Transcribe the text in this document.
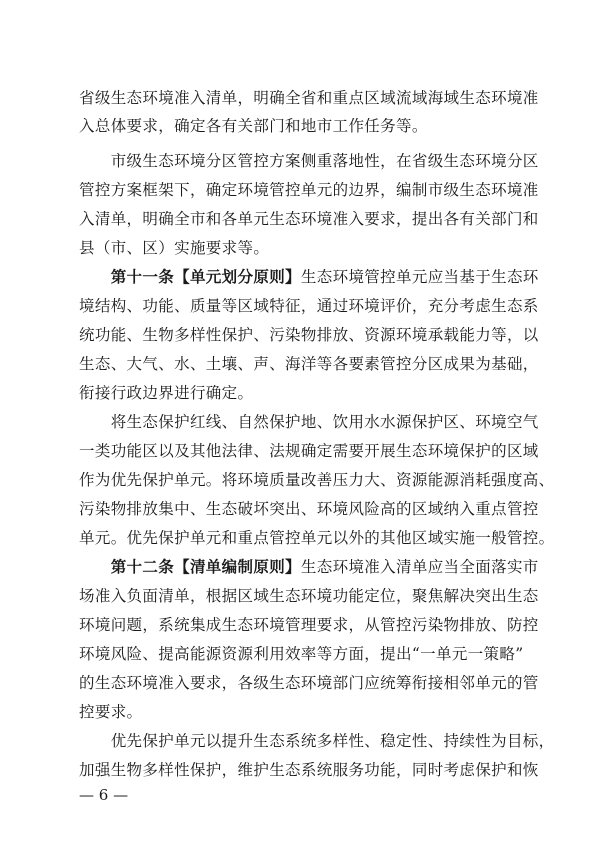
省级生态环境准入清单，明确全省和重点区域流域海域生态环境准
入总体要求，确定各有关部门和地市工作任务等。
　　市级生态环境分区管控方案侧重落地性，在省级生态环境分区
管控方案框架下，确定环境管控单元的边界，编制市级生态环境准
入清单，明确全市和各单元生态环境准入要求，提出各有关部门和
县（市、区）实施要求等。
　　第十一条【单元划分原则】生态环境管控单元应当基于生态环
境结构、功能、质量等区域特征，通过环境评价，充分考虑生态系
统功能、生物多样性保护、污染物排放、资源环境承载能力等，以
生态、大气、水、土壤、声、海洋等各要素管控分区成果为基础，
衔接行政边界进行确定。
　　将生态保护红线、自然保护地、饮用水水源保护区、环境空气
一类功能区以及其他法律、法规确定需要开展生态环境保护的区域
作为优先保护单元。将环境质量改善压力大、资源能源消耗强度高、
污染物排放集中、生态破坏突出、环境风险高的区域纳入重点管控
单元。优先保护单元和重点管控单元以外的其他区域实施一般管控。
　　第十二条【清单编制原则】生态环境准入清单应当全面落实市
场准入负面清单，根据区域生态环境功能定位，聚焦解决突出生态
环境问题，系统集成生态环境管理要求，从管控污染物排放、防控
环境风险、提高能源资源利用效率等方面，提出“一单元一策略”
的生态环境准入要求，各级生态环境部门应统筹衔接相邻单元的管
控要求。
　　优先保护单元以提升生态系统多样性、稳定性、持续性为目标，
加强生物多样性保护，维护生态系统服务功能，同时考虑保护和恢
— 6 —
